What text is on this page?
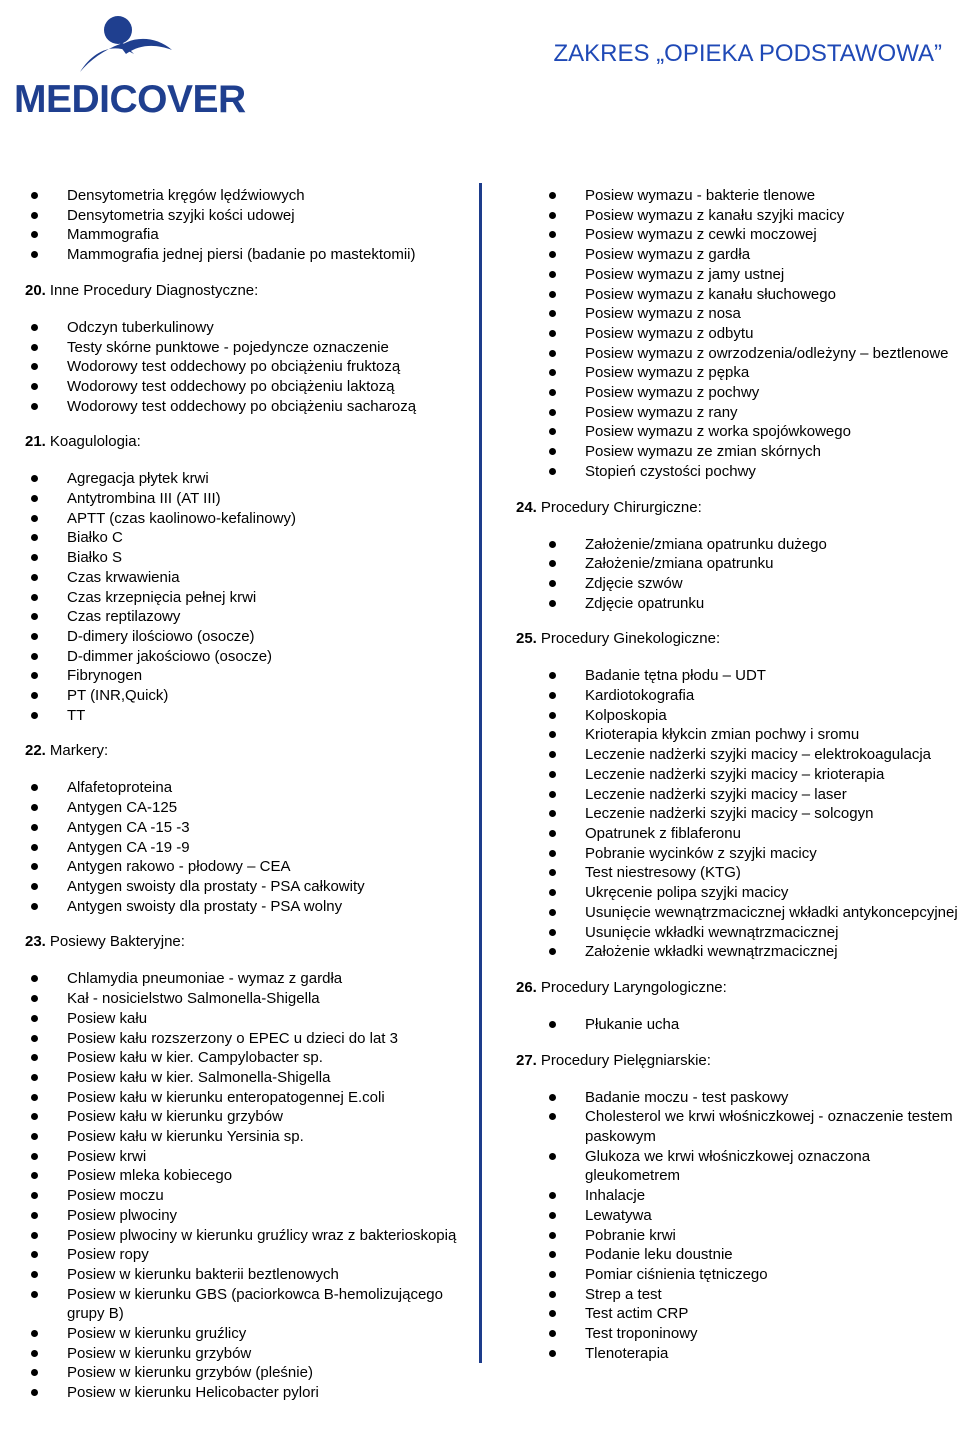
MEDICOVER
ZAKRES „OPIEKA PODSTAWOWA”
Densytometria kręgów lędźwiowych
Densytometria szyjki kości udowej
Mammografia
Mammografia jednej piersi (badanie po mastektomii)
20. Inne Procedury Diagnostyczne:
Odczyn tuberkulinowy
Testy skórne punktowe - pojedyncze oznaczenie
Wodorowy test oddechowy po obciążeniu fruktozą
Wodorowy test oddechowy po obciążeniu laktozą
Wodorowy test oddechowy po obciążeniu sacharozą
21. Koagulologia:
Agregacja płytek krwi
Antytrombina III (AT III)
APTT (czas kaolinowo-kefalinowy)
Białko C
Białko S
Czas krwawienia
Czas krzepnięcia pełnej krwi
Czas reptilazowy
D-dimery ilościowo (osocze)
D-dimmer jakościowo (osocze)
Fibrynogen
PT (INR,Quick)
TT
22. Markery:
Alfafetoproteina
Antygen CA-125
Antygen CA -15 -3
Antygen CA -19 -9
Antygen rakowo - płodowy – CEA
Antygen swoisty dla prostaty - PSA całkowity
Antygen swoisty dla prostaty - PSA wolny
23. Posiewy Bakteryjne:
Chlamydia pneumoniae - wymaz z gardła
Kał - nosicielstwo Salmonella-Shigella
Posiew kału
Posiew kału rozszerzony o EPEC u dzieci do lat 3
Posiew kału w kier. Campylobacter sp.
Posiew kału w kier. Salmonella-Shigella
Posiew kału w kierunku enteropatogennej E.coli
Posiew kału w kierunku grzybów
Posiew kału w kierunku Yersinia sp.
Posiew krwi
Posiew mleka kobiecego
Posiew moczu
Posiew plwociny
Posiew plwociny w kierunku gruźlicy wraz z bakterioskopią
Posiew ropy
Posiew w kierunku bakterii beztlenowych
Posiew w kierunku GBS (paciorkowca B-hemolizującego grupy B)
Posiew w kierunku gruźlicy
Posiew w kierunku grzybów
Posiew w kierunku grzybów (pleśnie)
Posiew w kierunku Helicobacter pylori
Posiew wymazu - bakterie tlenowe
Posiew wymazu z kanału szyjki macicy
Posiew wymazu z cewki moczowej
Posiew wymazu z gardła
Posiew wymazu z jamy ustnej
Posiew wymazu z kanału słuchowego
Posiew wymazu z nosa
Posiew wymazu z odbytu
Posiew wymazu z owrzodzenia/odleżyny – beztlenowe
Posiew wymazu z pępka
Posiew wymazu z pochwy
Posiew wymazu z rany
Posiew wymazu z worka spojówkowego
Posiew wymazu ze zmian skórnych
Stopień czystości pochwy
24. Procedury Chirurgiczne:
Założenie/zmiana opatrunku dużego
Założenie/zmiana opatrunku
Zdjęcie szwów
Zdjęcie opatrunku
25. Procedury Ginekologiczne:
Badanie tętna płodu – UDT
Kardiotokografia
Kolposkopia
Krioterapia kłykcin zmian pochwy i sromu
Leczenie nadżerki szyjki macicy – elektrokoagulacja
Leczenie nadżerki szyjki macicy – krioterapia
Leczenie nadżerki szyjki macicy – laser
Leczenie nadżerki szyjki macicy – solcogyn
Opatrunek z fiblaferonu
Pobranie wycinków z szyjki macicy
Test niestresowy (KTG)
Ukręcenie polipa szyjki macicy
Usunięcie wewnątrzmacicznej wkładki antykoncepcyjnej
Usunięcie wkładki wewnątrzmacicznej
Założenie wkładki wewnątrzmacicznej
26. Procedury Laryngologiczne:
Płukanie ucha
27. Procedury Pielęgniarskie:
Badanie moczu - test paskowy
Cholesterol we krwi włośniczkowej - oznaczenie testem paskowym
Glukoza we krwi włośniczkowej oznaczona gleukometrem
Inhalacje
Lewatywa
Pobranie krwi
Podanie leku doustnie
Pomiar ciśnienia tętniczego
Strep a test
Test actim CRP
Test troponinowy
Tlenoterapia
